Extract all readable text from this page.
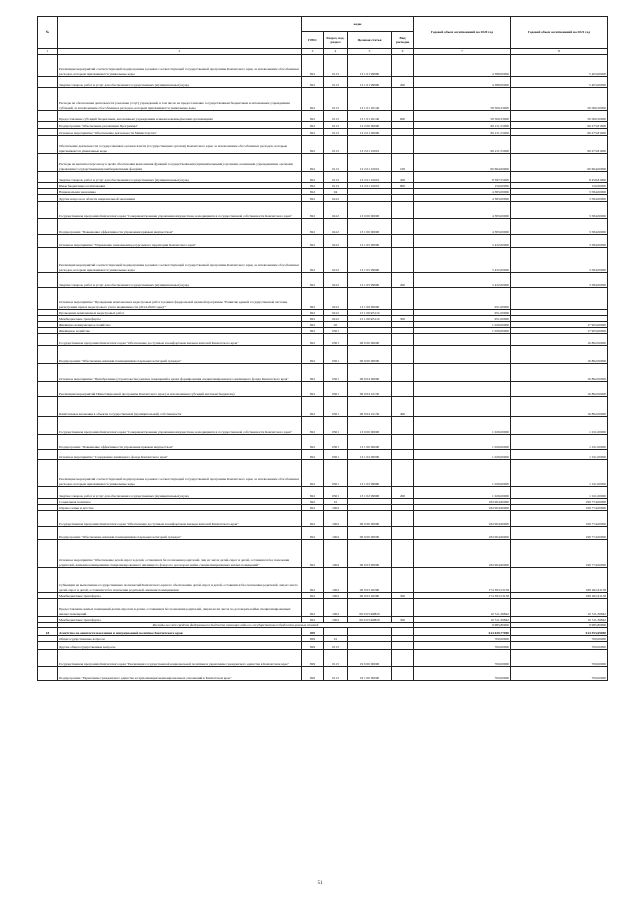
№		коды				Годовой объем ассигнований на 2020 год	Годовой объем ассигнований на 2021 год
		ГРБС	Раздел, под-раздел	Целевая статья	Вид расходов		
1	2	3	4	5	6	7	8
	Реализация мероприятий соответствующей подпрограммы в рамках соответствующей государственной программы Камчатского края, за исключением обособленных расходов, которым присваиваются уникальные коды	822	0113	13 1 01 99990		4 388,00000	5 403,00000
	Закупка товаров, работ и услуг для обеспечения государственных (муниципальных) нужд	822	0113	13 1 01 99990	200	4 388,00000	5 403,00000
	Расходы на обеспечение деятельности (оказание услуг) учреждений, в том числе на предоставление государственным бюджетным и автономным учреждениям субсидий, за исключением обособленных расходов, которым присваиваются уникальные коды	822	0113	13 1 01 20140		59 509,33000	59 560,50000
	Предоставление субсидий бюджетным, автономным учреждениям и иным некоммерческим организациям	822	0113	13 1 01 20140	600	59 509,33000	59 560,50000
	Подпрограмма "Обеспечение реализации Программы"	822	0113	13 2 00 00000		69 211,55000	69 273,81000
	Основное мероприятие "Обеспечение деятельности Министерства"	822	0113	13 2 01 00000		69 211,55000	69 273,81000
	Обеспечение деятельности государственных органов власти (государственных органов) Камчатского края, за исключением обособленных расходов, которым присваиваются уникальные коды	822	0113	13 2 01 10010		69 211,55000	69 273,81000
	Расходы на выплаты персоналу в целях обеспечения выполнения функций государственными (муниципальными) органами, казенными учреждениями, органами управления государственными внебюджетными фондами	822	0113	13 2 01 10010	100	60 664,00000	60 664,00000
	Закупка товаров, работ и услуг для обеспечения государственных (муниципальных) нужд	822	0113	13 2 01 10010	200	8 397,55000	8 459,81000
	Иные бюджетные ассигнования	822	0113	13 2 01 10010	800	150,00000	150,00000
	Национальная экономика	822	04			4 383,00000	3 584,00000
	Другие вопросы в области национальной экономики	822	0412			4 383,00000	3 584,00000
	Государственная программа Камчатского края "Совершенствование управления имуществом, находящимся в государственной собственности Камчатского края"	822	0412	13 0 00 00000		4 383,00000	3 584,00000
	Подпрограмма "Повышение эффективности управления прямым имуществом"	822	0412	13 1 00 00000		4 383,00000	3 584,00000
	Основное мероприятие "Управление земельными ресурсами на территории Камчатского края"	822	0412	13 1 05 00000		3 432,00000	3 584,00000
	Реализация мероприятий соответствующей подпрограммы в рамках соответствующей государственной программы Камчатского края, за исключением обособленных расходов, которым присваиваются уникальные коды	822	0412	13 1 05 99990		3 432,00000	3 584,00000
	Закупка товаров, работ и услуг для обеспечения государственных (муниципальных) нужд	822	0412	13 1 05 99990	200	3 432,00000	3 584,00000
	Основное мероприятие "Проведение комплексных кадастровых работ в рамках федеральной целевой программы "Развитие единой государственной системы регистрации прав и кадастрового учета недвижимости (2014-2020 годы)""	822	0412	13 1 09 00000		951,00000	
	Проведение комплексных кадастровых работ	822	0412	13 1 09 R5110		951,00000	
	Межбюджетные трансферты	822	0412	13 1 09 R5110	500	951,00000	
	Жилищно-коммунальное хозяйство	822	05			1 029,00000	17 903,00000
	Жилищное хозяйство	822	0501			1 029,00000	17 903,00000
	Государственная программа Камчатского края "Обеспечение доступным и комфортным жильем жителей Камчатского края"	822	0501	06 0 00 00000			16 892,00000
	Подпрограмма "Обеспечение жилыми помещениями отдельных категорий граждан"	822	0501	06 9 00 00000			16 892,00000
	Основное мероприятие "Приобретение (строительство) жилых помещений в целях формирования специализированного жилищного фонда Камчатского края"	822	0501	06 9 04 00000			16 892,00000
	Реализация мероприятий Инвестиционной программы Камчатского края (за исключением субсидий местным бюджетам)	822	0501	06 9 04 10150			16 892,00000
	Капитальные вложения в объекты государственной (муниципальной) собственности	822	0501	06 9 04 10150	400		16 892,00000
	Государственная программа Камчатского края "Совершенствование управления имуществом, находящимся в государственной собственности Камчатского края"	822	0501	13 0 00 00000		1 029,00000	1 011,00000
	Подпрограмма "Повышение эффективности управления прямым имуществом"	822	0501	13 1 00 00000		1 029,00000	1 011,00000
	Основное мероприятие "Содержание жилищного фонда Камчатского края"	822	0501	13 1 02 00000		1 029,00000	1 011,00000
	Реализация мероприятий соответствующей подпрограммы в рамках соответствующей государственной программы Камчатского края, за исключением обособленных расходов, которым присваиваются уникальные коды	822	0501	13 1 02 99990		1 029,00000	1 011,00000
	Закупка товаров, работ и услуг для обеспечения государственных (муниципальных) нужд	822	0501	13 1 02 99990	200	1 029,00000	1 011,00000
	Социальная политика	822	10			184 904,90000	199 774,00000
	Охрана семьи и детства	822	1004			184 904,90000	199 774,00000
	Государственная программа Камчатского края "Обеспечение доступным и комфортным жильем жителей Камчатского края"	822	1004	06 0 00 00000		184 904,90000	199 774,00000
	Подпрограмма "Обеспечение жилыми помещениями отдельных категорий граждан"	822	1004	06 9 00 00000		184 904,90000	199 774,00000
	Основное мероприятие "Обеспечение детей-сирот и детей, оставшихся без попечения родителей, лиц из числа детей-сирот и детей, оставшихся без попечения родителей, жилыми помещениями специализированного жилищного фонда по договорам найма специализированных жилых помещений"	822	1004	06 9 03 00000		184 904,90000	199 774,00000
	Субвенции на выполнение государственных полномочий Камчатского края по обеспечению детей-сирот и детей, оставшихся без попечения родителей, лиц из числа детей-сирот и детей, оставшихся без попечения родителей, жилыми помещениями	822	1004	06 9 03 40290		174 393,53158	189 262,61158
	Межбюджетные трансферты	822	1004	06 9 03 40290	500	174 393,53158	189 262,61158
	Предоставление жилых помещений детям-сиротам и детям, оставшимся без попечения родителей, лицам из их числа по договорам найма специализированных жилых помещений	822	1004	06 9 03 R0820		10 511,36842	10 511,36842
	Межбюджетные трансферты	822	1004	06 9 03 R0820	500	10 511,36842	10 511,36842
	Расходы за счет средств федерального бюджета имеющие коды из государственного бюджета целевых статей					9 985,80000	9 985,80000
18	Агентство по занятости населения и миграционной политике Камчатского края	829				614 649,77000	614 553,69000
	Общегосударственные вопросы	829	01			700,00000	700,00000
	Другие общегосударственные вопросы	829	0113			700,00000	700,00000
	Государственная программа Камчатского края "Реализация государственной национальной политики и укрепление гражданского единства в Камчатском крае"	829	0113	19 0 00 00000		700,00000	700,00000
	Подпрограмма "Укрепление гражданского единства и гармонизация межнациональных отношений в Камчатском крае"	829	0113	19 1 00 00000		700,00000	700,00000
51
